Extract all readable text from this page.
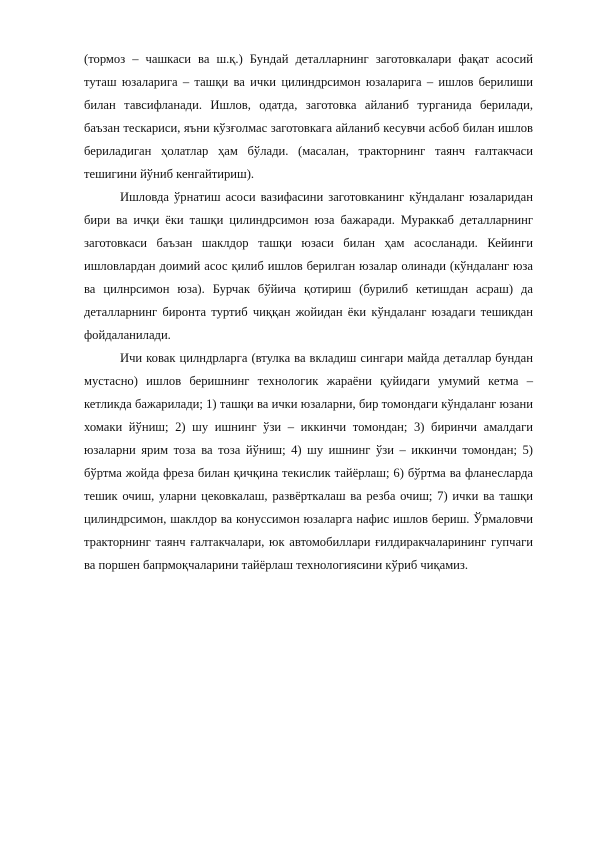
(тормоз – чашкаси ва ш.қ.) Бундай деталларнинг заготовкалари фақат асосий туташ юзаларига – ташқи ва ички цилиндрсимон юзаларига – ишлов берилиши билан тавсифланади. Ишлов, одатда, заготовка айланиб турганида берилади, баъзан тескариси, яъни кўзғолмас заготовкага айланиб кесувчи асбоб билан ишлов бериладиган ҳолатлар ҳам бўлади. (масалан, тракторнинг таянч ғалтакчаси тешигини йўниб кенгайтириш).

Ишловда ўрнатиш асоси вазифасини заготовканинг кўндаланг юзаларидан бири ва ичқи ёки ташқи цилиндрсимон юза бажаради. Мураккаб деталларнинг заготовкаси баъзан шаклдор ташқи юзаси билан ҳам асосланади. Кейинги ишловлардан доимий асос қилиб ишлов берилган юзалар олинади (кўндаланг юза ва цилнрсимон юза). Бурчак бўйича қотириш (бурилиб кетишдан асраш) да деталларнинг биронта туртиб чиққан жойидан ёки кўндаланг юзадаги тешикдан фойдаланилади.

Ичи ковак цилндрларга (втулка ва вкладиш сингари майда деталлар бундан мустасно) ишлов беришнинг технологик жараёни қуйидаги умумий кетма – кетликда бажарилади; 1) ташқи ва ички юзаларни, бир томондаги кўндаланг юзани хомаки йўниш; 2) шу ишнинг ўзи – иккинчи томондан; 3) биринчи амалдаги юзаларни ярим тоза ва тоза йўниш; 4) шу ишнинг ўзи – иккинчи томондан; 5) бўртма жойда фреза билан қичқина текислик тайёрлаш; 6) бўртма ва фланесларда тешик очиш, уларни цековкалаш, развёрткалаш ва резба очиш; 7) ички ва ташқи цилиндрсимон, шаклдор ва конуссимон юзаларга нафис ишлов бериш. Ўрмаловчи тракторнинг таянч ғалтакчалари, юк автомобиллари ғилдиракчаларининг гупчаги ва поршен бапрмоқчаларини тайёрлаш технологиясини кўриб чиқамиз.
